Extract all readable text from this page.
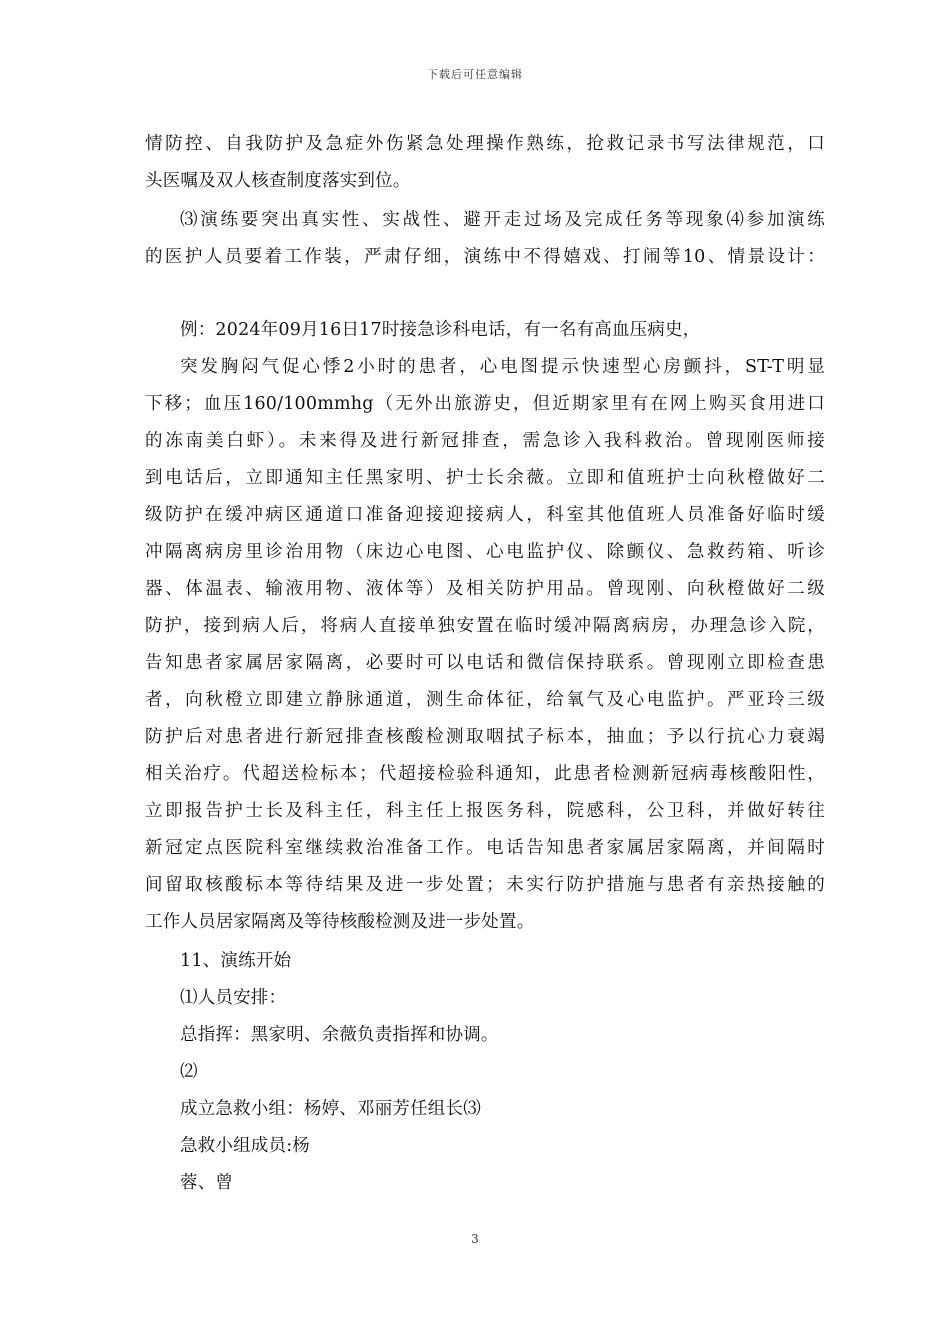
下载后可任意编辑
情防控、自我防护及急症外伤紧急处理操作熟练，抢救记录书写法律规范，口
头医嘱及双人核查制度落实到位。
⑶演练要突出真实性、实战性、避开走过场及完成任务等现象⑷参加演练
的医护人员要着工作装，严肃仔细，演练中不得嬉戏、打闹等10、情景设计：
例：2024年09月16日17时接急诊科电话，有一名有高血压病史，
突发胸闷气促心悸2小时的患者，心电图提示快速型心房颤抖，ST-T明显
下移；血压160/100mmhg（无外出旅游史，但近期家里有在网上购买食用进口
的冻南美白虾）。未来得及进行新冠排查，需急诊入我科救治。曾现刚医师接
到电话后，立即通知主任黑家明、护士长余薇。立即和值班护士向秋橙做好二
级防护在缓冲病区通道口准备迎接迎接病人，科室其他值班人员准备好临时缓
冲隔离病房里诊治用物（床边心电图、心电监护仪、除颤仪、急救药箱、听诊
器、体温表、输液用物、液体等）及相关防护用品。曾现刚、向秋橙做好二级
防护，接到病人后，将病人直接单独安置在临时缓冲隔离病房，办理急诊入院，
告知患者家属居家隔离，必要时可以电话和微信保持联系。曾现刚立即检查患
者，向秋橙立即建立静脉通道，测生命体征，给氧气及心电监护。严亚玲三级
防护后对患者进行新冠排查核酸检测取咽拭子标本，抽血；予以行抗心力衰竭
相关治疗。代超送检标本；代超接检验科通知，此患者检测新冠病毒核酸阳性，
立即报告护士长及科主任，科主任上报医务科，院感科，公卫科，并做好转往
新冠定点医院科室继续救治准备工作。电话告知患者家属居家隔离，并间隔时
间留取核酸标本等待结果及进一步处置；未实行防护措施与患者有亲热接触的
工作人员居家隔离及等待核酸检测及进一步处置。
11、演练开始
⑴人员安排：
总指挥：黑家明、余薇负责指挥和协调。
⑵
成立急救小组：杨婷、邓丽芳任组长⑶
急救小组成员:杨
蓉、曾
3
